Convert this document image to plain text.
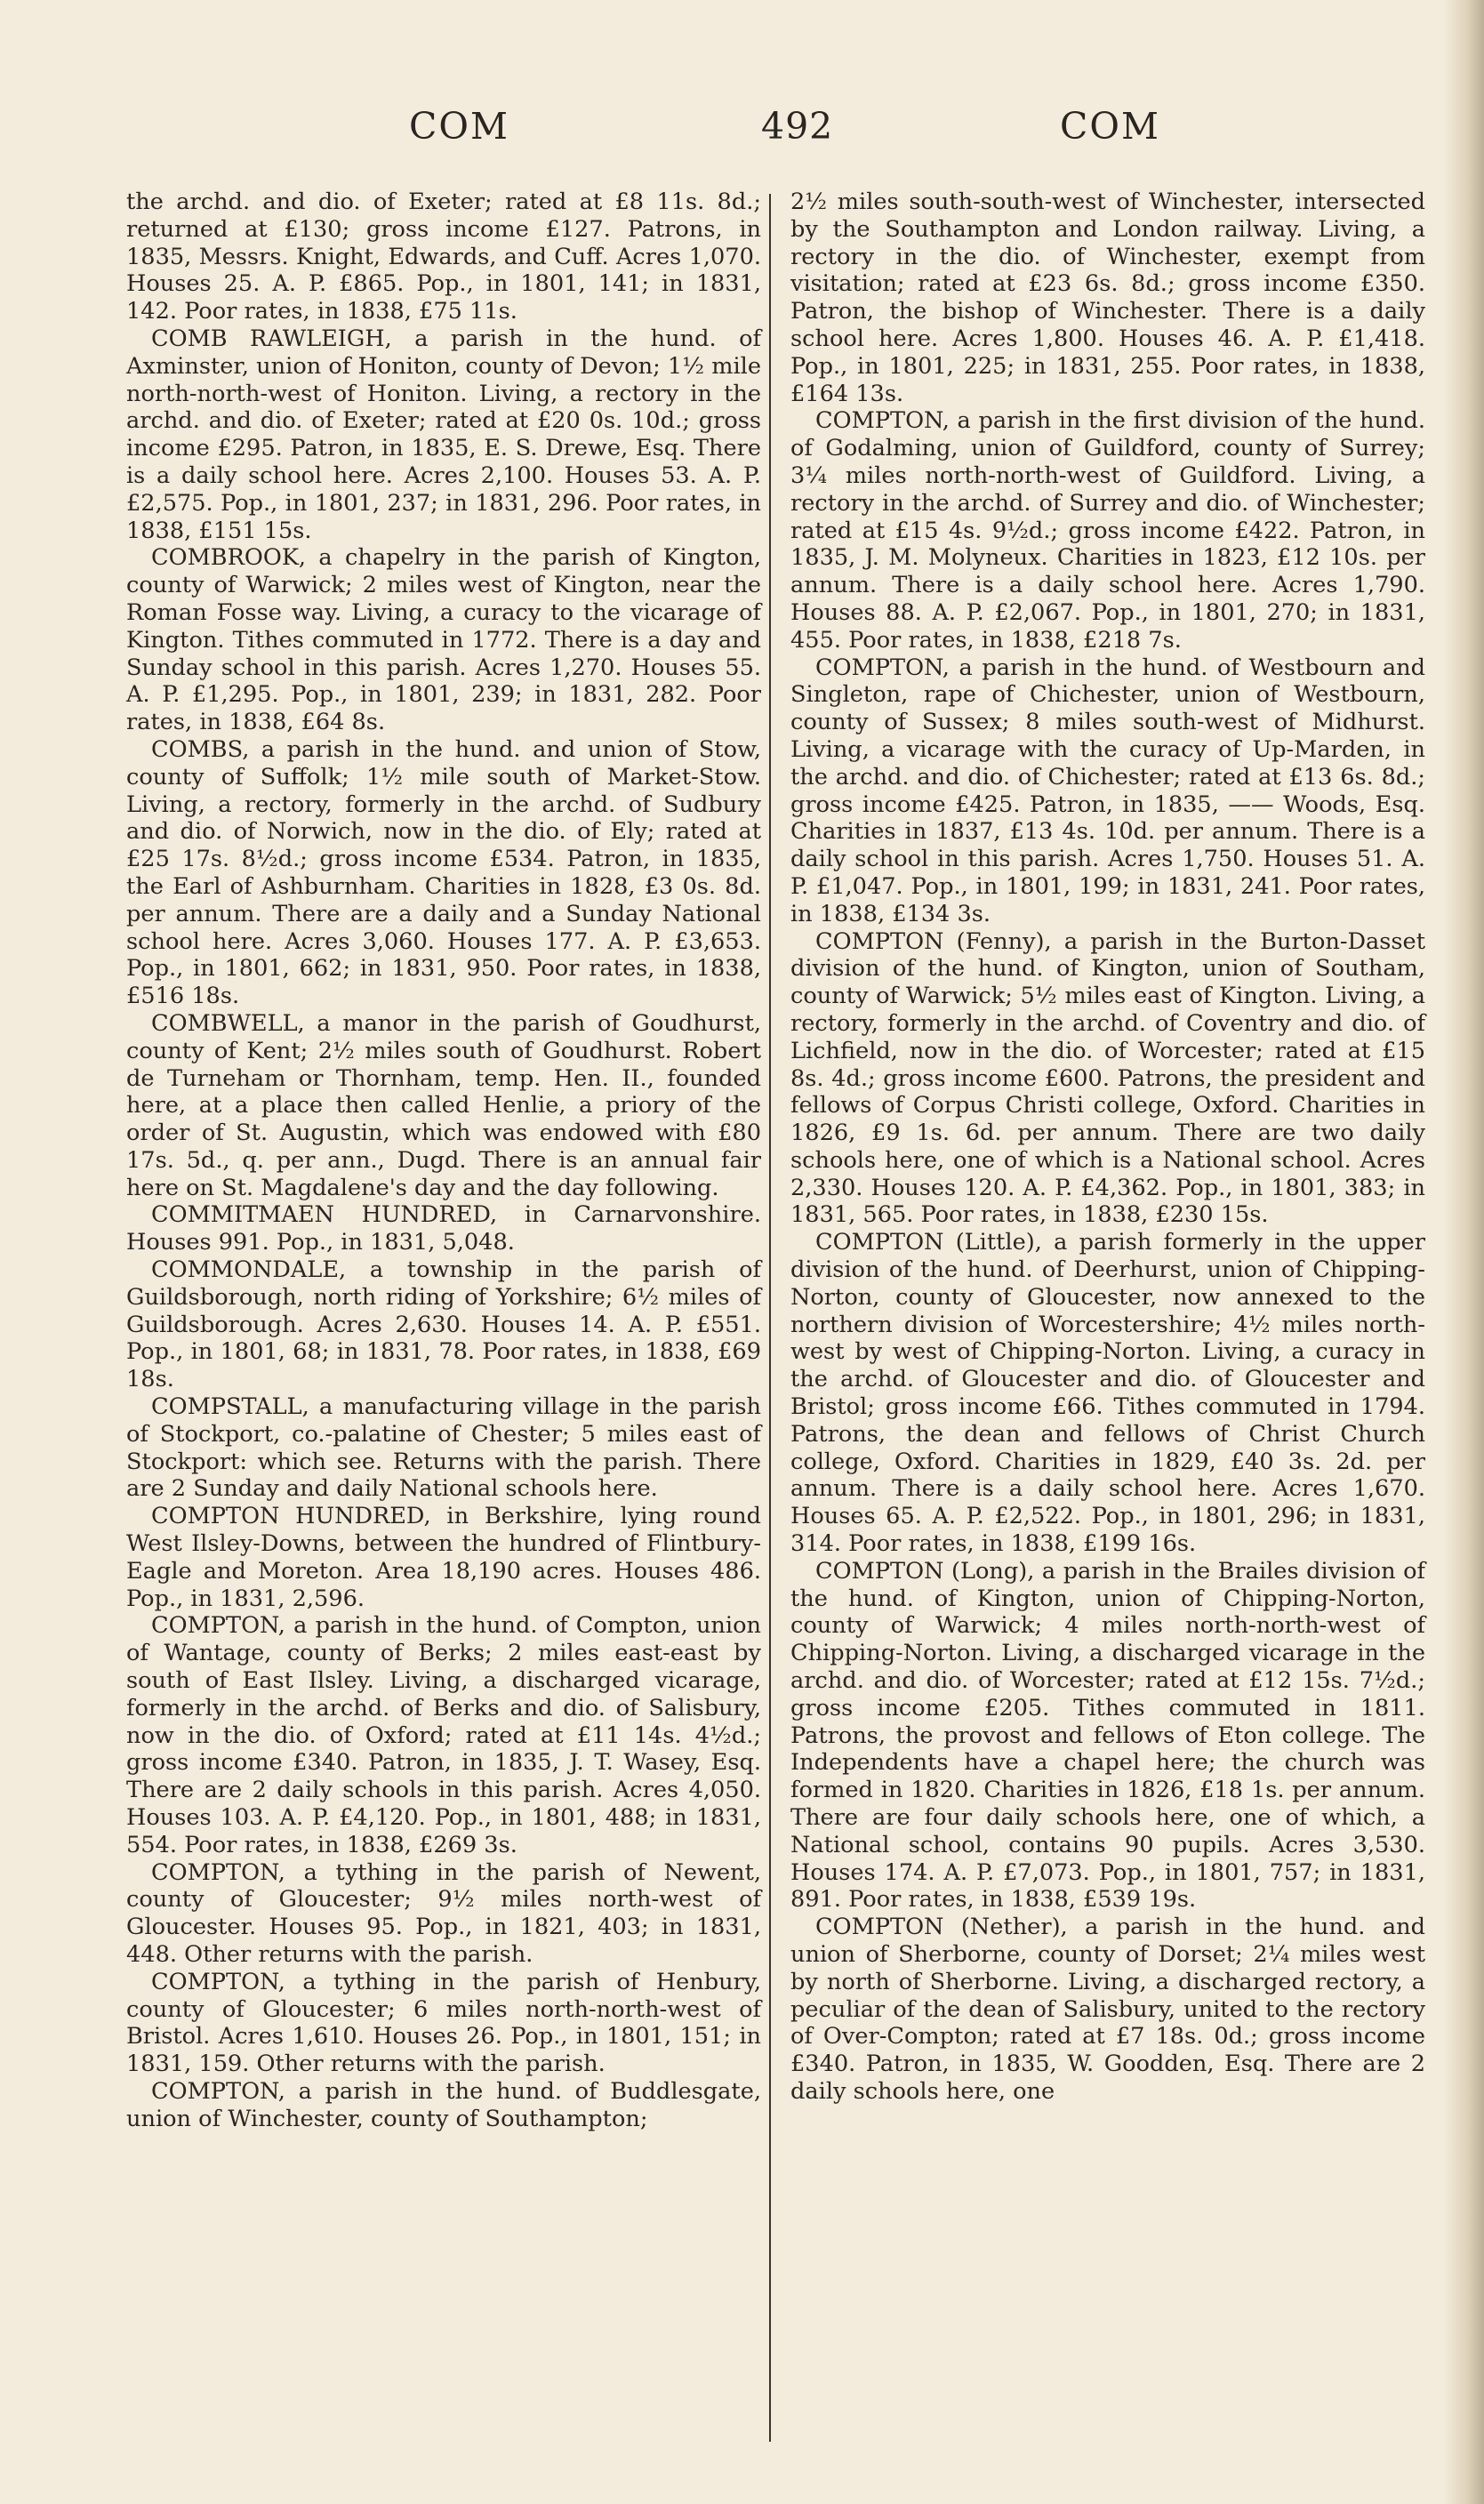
COM	492	COM

the archd. and dio. of Exeter; rated at £8 11s. 8d.; returned at £130; gross income £127. Patrons, in 1835, Messrs. Knight, Edwards, and Cuff. Acres 1,070. Houses 25. A. P. £865. Pop., in 1801, 141; in 1831, 142. Poor rates, in 1838, £75 11s.

COMB RAWLEIGH, a parish in the hund. of Axminster, union of Honiton, county of Devon; 1½ mile north-north-west of Honiton. Living, a rectory in the archd. and dio. of Exeter; rated at £20 0s. 10d.; gross income £295. Patron, in 1835, E. S. Drewe, Esq. There is a daily school here. Acres 2,100. Houses 53. A. P. £2,575. Pop., in 1801, 237; in 1831, 296. Poor rates, in 1838, £151 15s.

COMBROOK, a chapelry in the parish of Kington, county of Warwick; 2 miles west of Kington, near the Roman Fosse way. Living, a curacy to the vicarage of Kington. Tithes commuted in 1772. There is a day and Sunday school in this parish. Acres 1,270. Houses 55. A. P. £1,295. Pop., in 1801, 239; in 1831, 282. Poor rates, in 1838, £64 8s.

COMBS, a parish in the hund. and union of Stow, county of Suffolk; 1½ mile south of Market-Stow. Living, a rectory, formerly in the archd. of Sudbury and dio. of Norwich, now in the dio. of Ely; rated at £25 17s. 8½d.; gross income £534. Patron, in 1835, the Earl of Ashburnham. Charities in 1828, £3 0s. 8d. per annum. There are a daily and a Sunday National school here. Acres 3,060. Houses 177. A. P. £3,653. Pop., in 1801, 662; in 1831, 950. Poor rates, in 1838, £516 18s.

COMBWELL, a manor in the parish of Goudhurst, county of Kent; 2½ miles south of Goudhurst. Robert de Turneham or Thornham, temp. Hen. II., founded here, at a place then called Henlie, a priory of the order of St. Augustin, which was endowed with £80 17s. 5d., q. per ann., Dugd. There is an annual fair here on St. Magdalene's day and the day following.

COMMITMAEN HUNDRED, in Carnarvonshire. Houses 991. Pop., in 1831, 5,048.

COMMONDALE, a township in the parish of Guildsborough, north riding of Yorkshire; 6½ miles of Guildsborough. Acres 2,630. Houses 14. A. P. £551. Pop., in 1801, 68; in 1831, 78. Poor rates, in 1838, £69 18s.

COMPSTALL, a manufacturing village in the parish of Stockport, co.-palatine of Chester; 5 miles east of Stockport: which see. Returns with the parish. There are 2 Sunday and daily National schools here.

COMPTON HUNDRED, in Berkshire, lying round West Ilsley-Downs, between the hundred of Flintbury-Eagle and Moreton. Area 18,190 acres. Houses 486. Pop., in 1831, 2,596.

COMPTON, a parish in the hund. of Compton, union of Wantage, county of Berks; 2 miles east-east by south of East Ilsley. Living, a discharged vicarage, formerly in the archd. of Berks and dio. of Salisbury, now in the dio. of Oxford; rated at £11 14s. 4½d.; gross income £340. Patron, in 1835, J. T. Wasey, Esq. There are 2 daily schools in this parish. Acres 4,050. Houses 103. A. P. £4,120. Pop., in 1801, 488; in 1831, 554. Poor rates, in 1838, £269 3s.

COMPTON, a tything in the parish of Newent, county of Gloucester; 9½ miles north-west of Gloucester. Houses 95. Pop., in 1821, 403; in 1831, 448. Other returns with the parish.

COMPTON, a tything in the parish of Henbury, county of Gloucester; 6 miles north-north-west of Bristol. Acres 1,610. Houses 26. Pop., in 1801, 151; in 1831, 159. Other returns with the parish.

COMPTON, a parish in the hund. of Buddlesgate, union of Winchester, county of Southampton;

2½ miles south-south-west of Winchester, intersected by the Southampton and London railway. Living, a rectory in the dio. of Winchester, exempt from visitation; rated at £23 6s. 8d.; gross income £350. Patron, the bishop of Winchester. There is a daily school here. Acres 1,800. Houses 46. A. P. £1,418. Pop., in 1801, 225; in 1831, 255. Poor rates, in 1838, £164 13s.

COMPTON, a parish in the first division of the hund. of Godalming, union of Guildford, county of Surrey; 3¼ miles north-north-west of Guildford. Living, a rectory in the archd. of Surrey and dio. of Winchester; rated at £15 4s. 9½d.; gross income £422. Patron, in 1835, J. M. Molyneux. Charities in 1823, £12 10s. per annum. There is a daily school here. Acres 1,790. Houses 88. A. P. £2,067. Pop., in 1801, 270; in 1831, 455. Poor rates, in 1838, £218 7s.

COMPTON, a parish in the hund. of Westbourn and Singleton, rape of Chichester, union of Westbourn, county of Sussex; 8 miles south-west of Midhurst. Living, a vicarage with the curacy of Up-Marden, in the archd. and dio. of Chichester; rated at £13 6s. 8d.; gross income £425. Patron, in 1835, —— Woods, Esq. Charities in 1837, £13 4s. 10d. per annum. There is a daily school in this parish. Acres 1,750. Houses 51. A. P. £1,047. Pop., in 1801, 199; in 1831, 241. Poor rates, in 1838, £134 3s.

COMPTON (Fenny), a parish in the Burton-Dasset division of the hund. of Kington, union of Southam, county of Warwick; 5½ miles east of Kington. Living, a rectory, formerly in the archd. of Coventry and dio. of Lichfield, now in the dio. of Worcester; rated at £15 8s. 4d.; gross income £600. Patrons, the president and fellows of Corpus Christi college, Oxford. Charities in 1826, £9 1s. 6d. per annum. There are two daily schools here, one of which is a National school. Acres 2,330. Houses 120. A. P. £4,362. Pop., in 1801, 383; in 1831, 565. Poor rates, in 1838, £230 15s.

COMPTON (Little), a parish formerly in the upper division of the hund. of Deerhurst, union of Chipping-Norton, county of Gloucester, now annexed to the northern division of Worcestershire; 4½ miles north-west by west of Chipping-Norton. Living, a curacy in the archd. of Gloucester and dio. of Gloucester and Bristol; gross income £66. Tithes commuted in 1794. Patrons, the dean and fellows of Christ Church college, Oxford. Charities in 1829, £40 3s. 2d. per annum. There is a daily school here. Acres 1,670. Houses 65. A. P. £2,522. Pop., in 1801, 296; in 1831, 314. Poor rates, in 1838, £199 16s.

COMPTON (Long), a parish in the Brailes division of the hund. of Kington, union of Chipping-Norton, county of Warwick; 4 miles north-north-west of Chipping-Norton. Living, a discharged vicarage in the archd. and dio. of Worcester; rated at £12 15s. 7½d.; gross income £205. Tithes commuted in 1811. Patrons, the provost and fellows of Eton college. The Independents have a chapel here; the church was formed in 1820. Charities in 1826, £18 1s. per annum. There are four daily schools here, one of which, a National school, contains 90 pupils. Acres 3,530. Houses 174. A. P. £7,073. Pop., in 1801, 757; in 1831, 891. Poor rates, in 1838, £539 19s.

COMPTON (Nether), a parish in the hund. and union of Sherborne, county of Dorset; 2¼ miles west by north of Sherborne. Living, a discharged rectory, a peculiar of the dean of Salisbury, united to the rectory of Over-Compton; rated at £7 18s. 0d.; gross income £340. Patron, in 1835, W. Goodden, Esq. There are 2 daily schools here, one
